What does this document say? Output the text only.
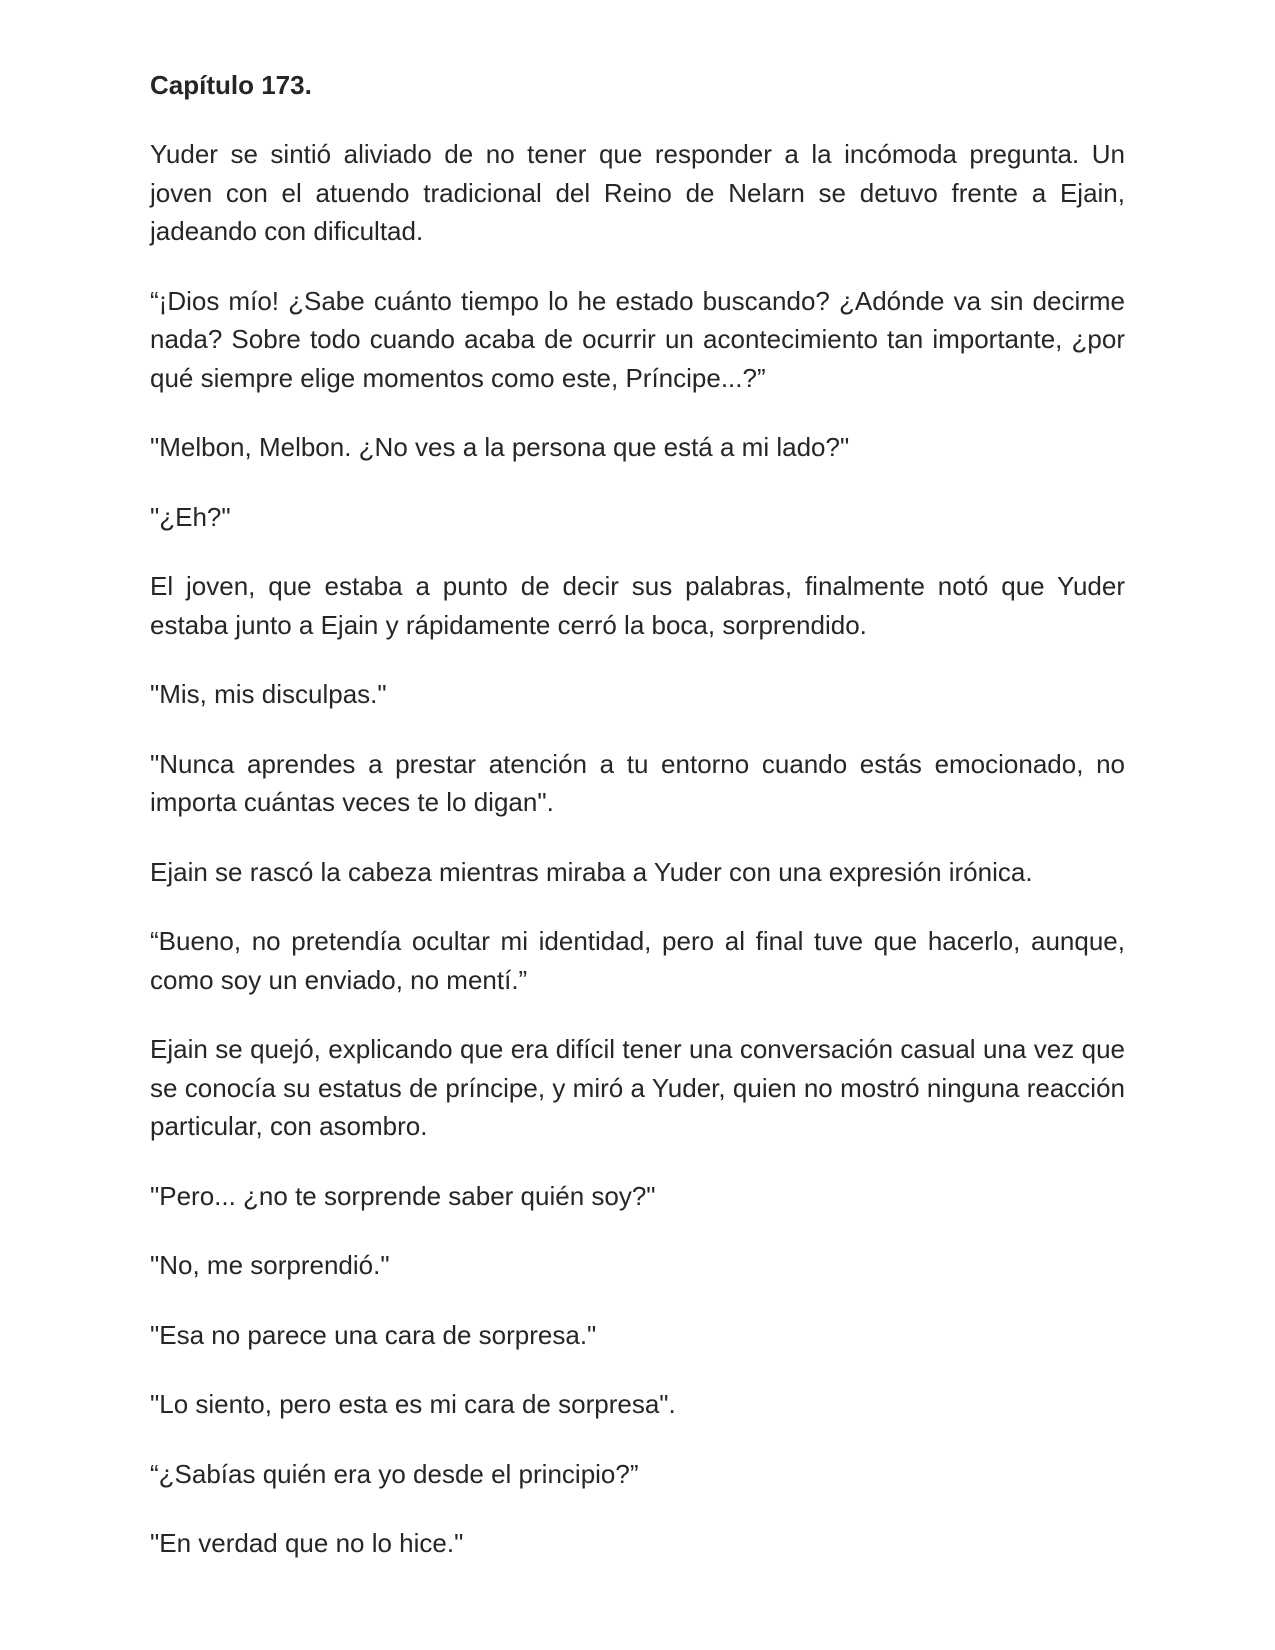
Capítulo 173.

Yuder se sintió aliviado de no tener que responder a la incómoda pregunta. Un joven con el atuendo tradicional del Reino de Nelarn se detuvo frente a Ejain, jadeando con dificultad.

“¡Dios mío! ¿Sabe cuánto tiempo lo he estado buscando? ¿Adónde va sin decirme nada? Sobre todo cuando acaba de ocurrir un acontecimiento tan importante, ¿por qué siempre elige momentos como este, Príncipe...?”

"Melbon, Melbon. ¿No ves a la persona que está a mi lado?"

"¿Eh?"

El joven, que estaba a punto de decir sus palabras, finalmente notó que Yuder estaba junto a Ejain y rápidamente cerró la boca, sorprendido.

"Mis, mis disculpas."

"Nunca aprendes a prestar atención a tu entorno cuando estás emocionado, no importa cuántas veces te lo digan".

Ejain se rascó la cabeza mientras miraba a Yuder con una expresión irónica.

“Bueno, no pretendía ocultar mi identidad, pero al final tuve que hacerlo, aunque, como soy un enviado, no mentí.”

Ejain se quejó, explicando que era difícil tener una conversación casual una vez que se conocía su estatus de príncipe, y miró a Yuder, quien no mostró ninguna reacción particular, con asombro.

"Pero... ¿no te sorprende saber quién soy?"

"No, me sorprendió."

"Esa no parece una cara de sorpresa."

"Lo siento, pero esta es mi cara de sorpresa".

“¿Sabías quién era yo desde el principio?”

"En verdad que no lo hice."
